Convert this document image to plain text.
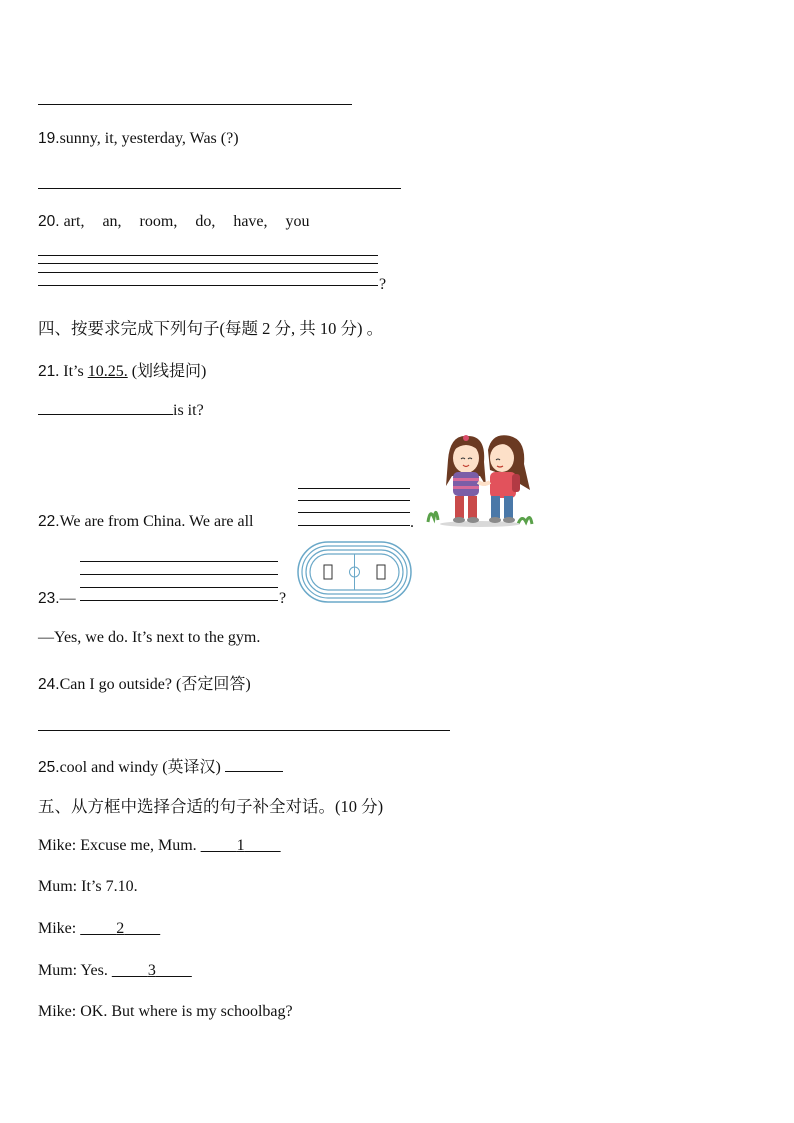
19.sunny, it, yesterday, Was (?)
20. art, an, room, do, have, you
?
四、按要求完成下列句子(每题 2 分, 共 10 分) 。
21. It’s 10.25. (划线提问)
is it?
22.We are from China. We are all	.
23.—	?
—Yes, we do. It’s next to the gym.
24.Can I go outside? (否定回答)
25.cool and windy (英译汉)
五、从方框中选择合适的句子补全对话。(10 分)
Mike: Excuse me, Mum.          1
Mum: It’s 7.10.
Mike:	2
Mum: Yes.          3
Mike: OK. But where is my schoolbag?
